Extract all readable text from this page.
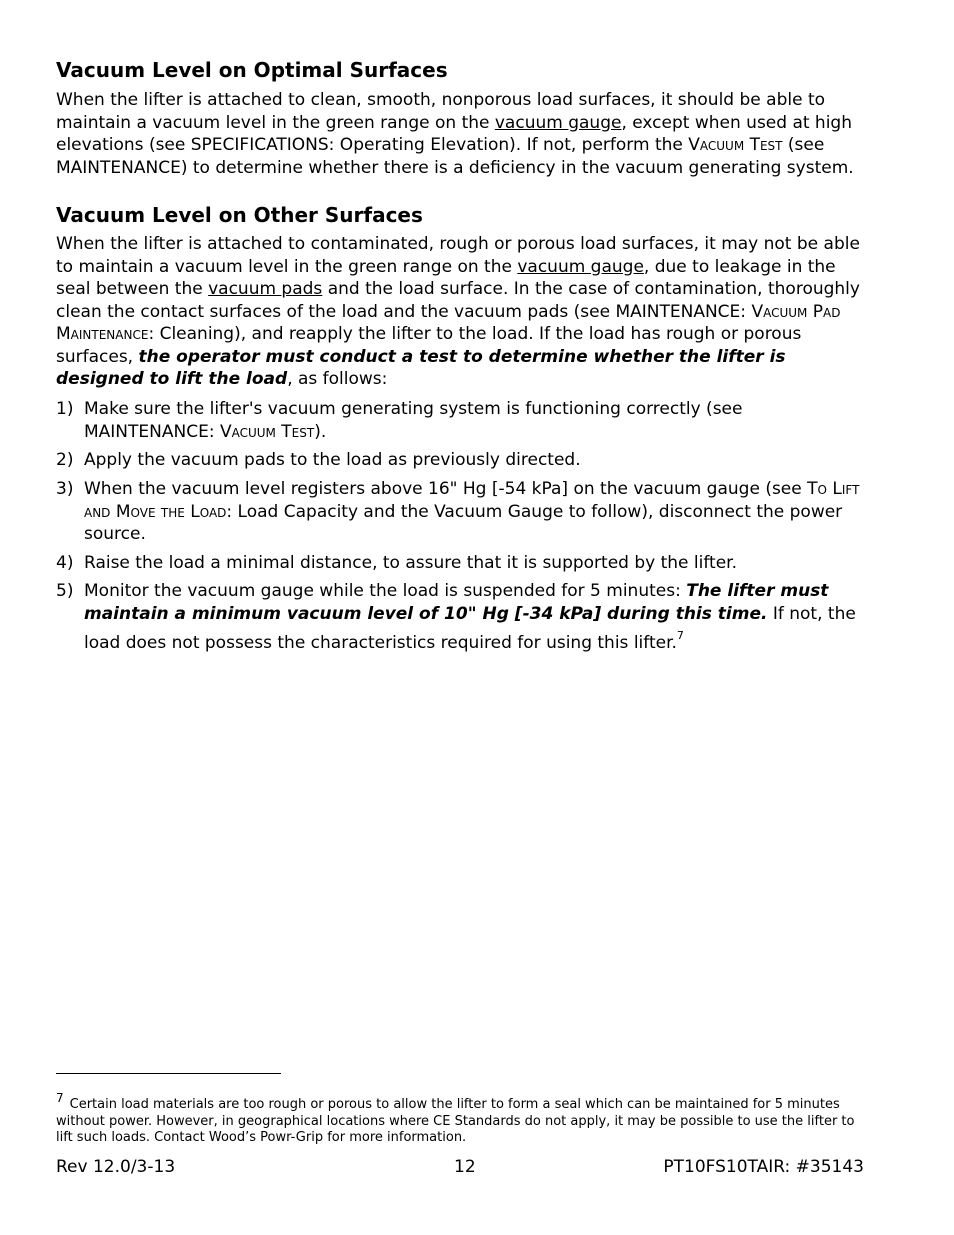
Vacuum Level on Optimal Surfaces

When the lifter is attached to clean, smooth, nonporous load surfaces, it should be able to maintain a vacuum level in the green range on the vacuum gauge, except when used at high elevations (see SPECIFICATIONS: Operating Elevation). If not, perform the Vacuum Test (see MAINTENANCE) to determine whether there is a deficiency in the vacuum generating system.

Vacuum Level on Other Surfaces

When the lifter is attached to contaminated, rough or porous load surfaces, it may not be able to maintain a vacuum level in the green range on the vacuum gauge, due to leakage in the seal between the vacuum pads and the load surface. In the case of contamination, thoroughly clean the contact surfaces of the load and the vacuum pads (see MAINTENANCE: Vacuum Pad Maintenance: Cleaning), and reapply the lifter to the load. If the load has rough or porous surfaces, the operator must conduct a test to determine whether the lifter is designed to lift the load, as follows:

1) Make sure the lifter's vacuum generating system is functioning correctly (see MAINTENANCE: Vacuum Test).
2) Apply the vacuum pads to the load as previously directed.
3) When the vacuum level registers above 16" Hg [-54 kPa] on the vacuum gauge (see To Lift and Move the Load: Load Capacity and the Vacuum Gauge to follow), disconnect the power source.
4) Raise the load a minimal distance, to assure that it is supported by the lifter.
5) Monitor the vacuum gauge while the load is suspended for 5 minutes: The lifter must maintain a minimum vacuum level of 10" Hg [-34 kPa] during this time. If not, the load does not possess the characteristics required for using this lifter.$^7$
$^7$ Certain load materials are too rough or porous to allow the lifter to form a seal which can be maintained for 5 minutes without power. However, in geographical locations where CE Standards do not apply, it may be possible to use the lifter to lift such loads. Contact Wood’s Powr-Grip for more information.
Rev 12.0/3-13	12	PT10FS10TAIR: #35143
